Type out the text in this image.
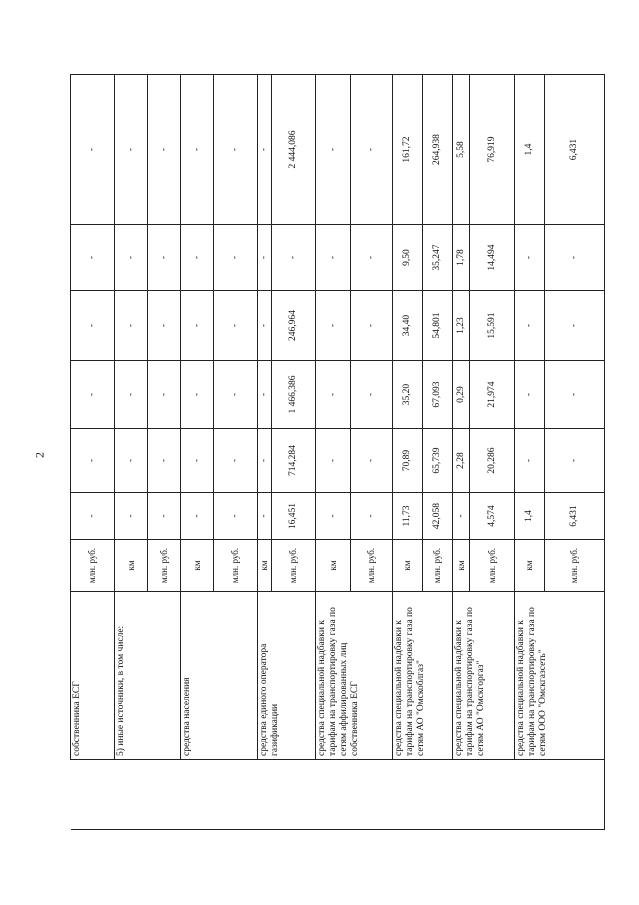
2
	собственника ЕСГ	млн. руб.	-	-	-	-	-	-
	5) иные источники, в том числе:	км	-	-	-	-	-	-
		млн. руб.	-	-	-	-	-	-
	средства населения	км	-	-	-	-	-	-
		млн. руб.	-	-	-	-	-	-
	средства единого оператора газификации	км	-	-	-	-	-	-
		млн. руб.	16,451	714,284	1 466,386	246,964	-	2 444,086
	средства специальной надбавки к тарифам на транспортировку газа по сетям аффилированных лиц собственника ЕСГ	км	-	-	-	-	-	-
		млн. руб.	-	-	-	-	-	-
	средства специальной надбавки к тарифам на транспортировку газа по сетям АО "Омскоблгаз"	км	11,73	70,89	35,20	34,40	9,50	161,72
		млн. руб.	42,058	65,739	67,093	54,801	35,247	264,938
	средства специальной надбавки к тарифам на транспортировку газа по сетям АО "Омскгоргаз"	км	-	2,28	0,29	1,23	1,78	5,58
		млн. руб.	4,574	20,286	21,974	15,591	14,494	76,919
	средства специальной надбавки к тарифам на транспортировку газа по сетям ООО "Омскгазсеть"	км	1,4	-	-	-	-	1,4
		млн. руб.	6,431	-	-	-	-	6,431
